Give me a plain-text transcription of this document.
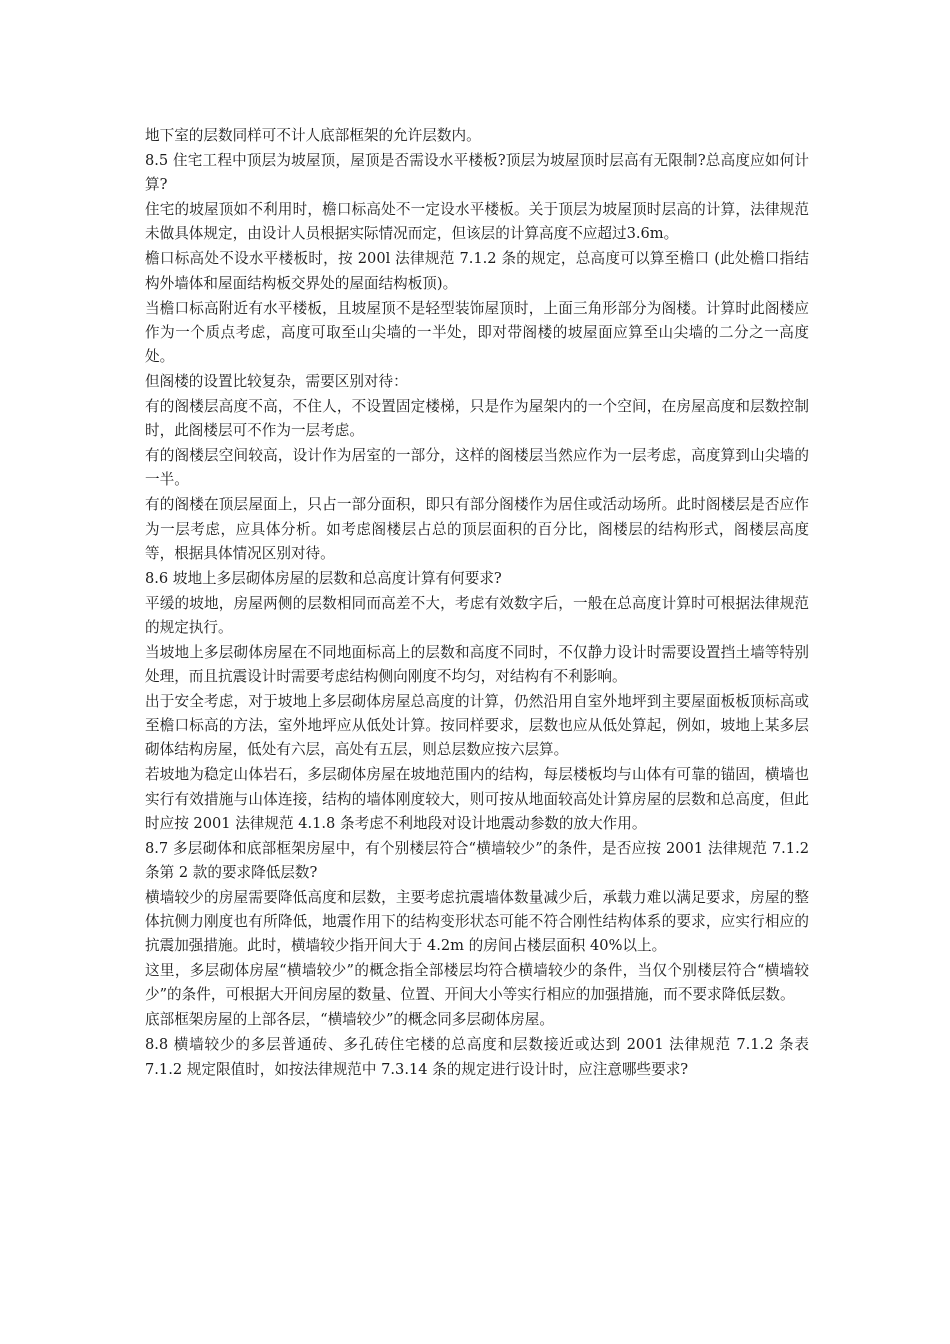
地下室的层数同样可不计人底部框架的允许层数内。

8.5 住宅工程中顶层为坡屋顶，屋顶是否需设水平楼板?顶层为坡屋顶时层高有无限制?总高度应如何计算?

住宅的坡屋顶如不利用时，檐口标高处不一定设水平楼板。关于顶层为坡屋顶时层高的计算，法律规范未做具体规定，由设计人员根据实际情况而定，但该层的计算高度不应超过3.6m。

檐口标高处不设水平楼板时，按 200l 法律规范 7.1.2 条的规定，总高度可以算至檐口 (此处檐口指结构外墙体和屋面结构板交界处的屋面结构板顶)。

当檐口标高附近有水平楼板，且坡屋顶不是轻型装饰屋顶时，上面三角形部分为阁楼。计算时此阁楼应作为一个质点考虑，高度可取至山尖墙的一半处，即对带阁楼的坡屋面应算至山尖墙的二分之一高度处。

但阁楼的设置比较复杂，需要区别对待：

有的阁楼层高度不高，不住人，不设置固定楼梯，只是作为屋架内的一个空间，在房屋高度和层数控制时，此阁楼层可不作为一层考虑。

有的阁楼层空间较高，设计作为居室的一部分，这样的阁楼层当然应作为一层考虑，高度算到山尖墙的一半。

有的阁楼在顶层屋面上，只占一部分面积，即只有部分阁楼作为居住或活动场所。此时阁楼层是否应作为一层考虑，应具体分析。如考虑阁楼层占总的顶层面积的百分比，阁楼层的结构形式，阁楼层高度等，根据具体情况区别对待。

8.6 坡地上多层砌体房屋的层数和总高度计算有何要求?

平缓的坡地，房屋两侧的层数相同而高差不大，考虑有效数字后，一般在总高度计算时可根据法律规范的规定执行。

当坡地上多层砌体房屋在不同地面标高上的层数和高度不同时，不仅静力设计时需要设置挡土墙等特别处理，而且抗震设计时需要考虑结构侧向刚度不均匀，对结构有不利影响。

出于安全考虑，对于坡地上多层砌体房屋总高度的计算，仍然沿用自室外地坪到主要屋面板板顶标高或至檐口标高的方法，室外地坪应从低处计算。按同样要求，层数也应从低处算起，例如，坡地上某多层砌体结构房屋，低处有六层，高处有五层，则总层数应按六层算。

若坡地为稳定山体岩石，多层砌体房屋在坡地范围内的结构，每层楼板均与山体有可靠的锚固，横墙也实行有效措施与山体连接，结构的墙体刚度较大，则可按从地面较高处计算房屋的层数和总高度，但此时应按 2001 法律规范 4.1.8 条考虑不利地段对设计地震动参数的放大作用。

8.7 多层砌体和底部框架房屋中，有个别楼层符合“横墙较少”的条件，是否应按 2001 法律规范 7.1.2 条第 2 款的要求降低层数?

横墙较少的房屋需要降低高度和层数，主要考虑抗震墙体数量减少后，承载力难以满足要求，房屋的整体抗侧力刚度也有所降低，地震作用下的结构变形状态可能不符合刚性结构体系的要求，应实行相应的抗震加强措施。此时，横墙较少指开间大于 4.2m 的房间占楼层面积 40%以上。

这里，多层砌体房屋“横墙较少”的概念指全部楼层均符合横墙较少的条件，当仅个别楼层符合“横墙较少”的条件，可根据大开间房屋的数量、位置、开间大小等实行相应的加强措施，而不要求降低层数。

底部框架房屋的上部各层，“横墙较少”的概念同多层砌体房屋。

8.8 横墙较少的多层普通砖、多孔砖住宅楼的总高度和层数接近或达到 2001 法律规范 7.1.2 条表 7.1.2 规定限值时，如按法律规范中 7.3.14 条的规定进行设计时，应注意哪些要求?
